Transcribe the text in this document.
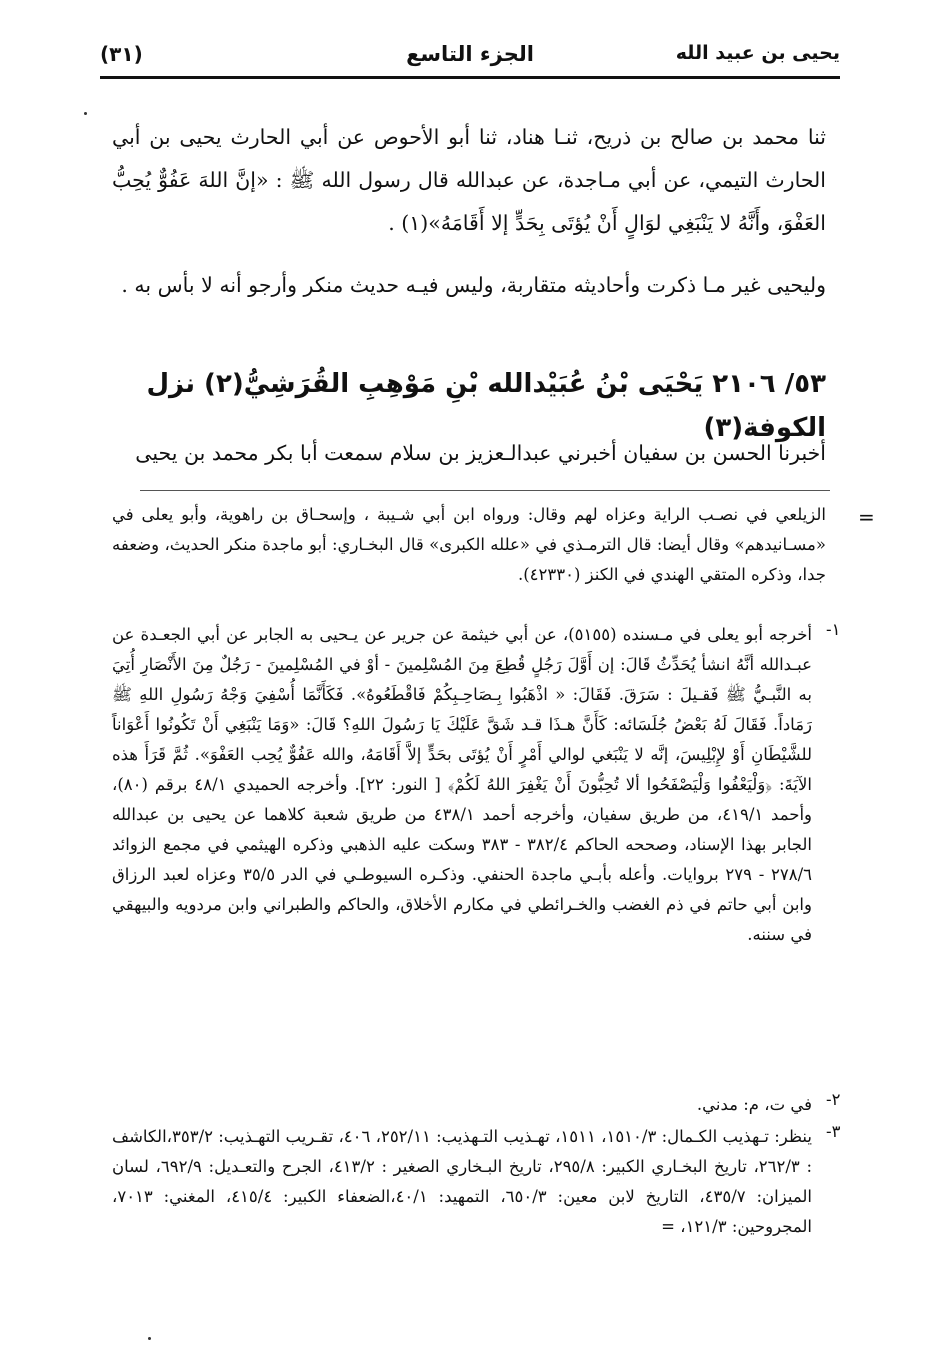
يحيى بن عبيد الله
الجزء التاسع
(٣١)
ثنا محمد بن صالح بن ذريح، ثنـا هناد، ثنا أبو الأحوص عن أبي الحارث يحيى بن أبي الحارث التيمي، عن أبي مـاجدة، عن عبدالله قال رسول الله ﷺ : «إنَّ اللهَ عَفُوٌّ يُحِبُّ العَفْوَ، وأَنَّهُ لا يَنْبَغِي لوَالٍ أَنْ يُؤتَى بِحَدٍّ إلا أَقَامَهُ»(١) .
وليحيى غير مـا ذكرت وأحاديثه متقاربة، وليس فيـه حديث منكر وأرجو أنه لا بأس به .
٥٣/ ٢١٠٦ يَحْيَى بْنُ عُبَيْدالله بْنِ مَوْهِبِ القُرَشِيُّ(٢) نزل الكوفة(٣)
أخبرنا الحسن بن سفيان أخبرني عبدالـعزيز بن سلام سمعت أبا بكر محمد بن يحيى
=
الزيلعي في نصـب الراية وعزاه لهم وقال: ورواه ابن أبي شـيبة ، وإسحـاق بن راهوية، وأبو يعلى في «مسـانيدهم» وقال أيضا: قال الترمـذي في «علله الكبرى» قال البخـاري: أبو ماجدة منكر الحديث، وضعفه جدا، وذكره المتقي الهندي في الكنز (٤٢٣٣٠).
١-
أخرجه أبو يعلى في مـسنده (٥١٥٥)، عن أبي خيثمة عن جرير عن يـحيى به الجابر عن أبي الجعـدة عن عبـدالله أنَّهُ انشأ يُحَدِّثُ قَالَ: إن أَوَّلَ رَجُلٍ قُطِعَ مِنَ المُسْلِمينَ - أوْ في المُسْلِمينَ - رَجُلٌ مِنَ الأَنْصَارِ أُتِيَ به النَّبـيُّ ﷺ فَقـيلَ : سَرَقَ. فَقَالَ: « اذْهَبُوا بِـصَاحِـبِكُمْ فَاقْطَعُوهُ». فَكَأَنَّمَا أُسْفِيَ وَجْهُ رَسُولِ اللهِ ﷺ رَمَاداً. فَقَالَ لَهُ بَعْضُ جُلَسَائه: كَأَنَّ هـذَا قـد شَقَّ عَلَيْكَ يَا رَسُولَ اللهِ؟ قَالَ: «وَمَا يَنْبَغِي أَنْ تَكُونُوا أَعْوَاناً للشَّيْطَانِ أَوْ لإِبْلِيسَ، إنَّه لا يَنْبَغي لوالي أَمْرٍ أَنْ يُؤتَى بحَدٍّ إلاَّ أَقَامَهُ، والله عَفُوٌّ يُحِب العَفْوَ». ثُمَّ قَرَأَ هذه الآيَةَ: ﴿وَلْيَعْفُوا وَلْيَصْفَحُوا ألا تُحِبُّونَ أَنْ يَغْفِرَ اللهُ لَكُمْ﴾ [ النور: ٢٢]. وأخرجه الحميدي ٤٨/١ برقم (٨٠)، وأحمد ٤١٩/١، من طريق سفيان، وأخرجه أحمد ٤٣٨/١ من طريق شعبة كلاهما عن يحيى بن عبدالله الجابر بهذا الإسناد، وصححه الحاكم ٣٨٢/٤ - ٣٨٣ وسكت عليه الذهبي وذكره الهيثمي في مجمع الزوائد ٢٧٨/٦ - ٢٧٩ بروايات. وأعله بأبـي ماجدة الحنفي. وذكـره السيوطـي في الدر ٣٥/٥ وعزاه لعبد الرزاق وابن أبي حاتم في ذم الغضب والخـرائطي في مكارم الأخلاق، والحاكم والطبراني وابن مردويه والبيهقي في سننه.
٢-
في ت، م: مدني.
٣-
ينظر: تـهذيب الكـمال: ١٥١٠/٣، ١٥١١، تهـذيب التـهذيب: ٢٥٢/١١، ٤٠٦، تقـريب التهـذيب: ٣٥٣/٢،الكاشف : ٢٦٢/٣، تاريخ البخـاري الكبير: ٢٩٥/٨، تاريخ البـخاري الصغير : ٤١٣/٢، الجرح والتعـديل: ٦٩٢/٩، لسان الميزان: ٤٣٥/٧، التاريخ لابن معين: ٦٥٠/٣، التمهيد: ٤٠/١،الضعفاء الكبير: ٤١٥/٤، المغني: ٧٠١٣، المجروحين: ١٢١/٣، =
